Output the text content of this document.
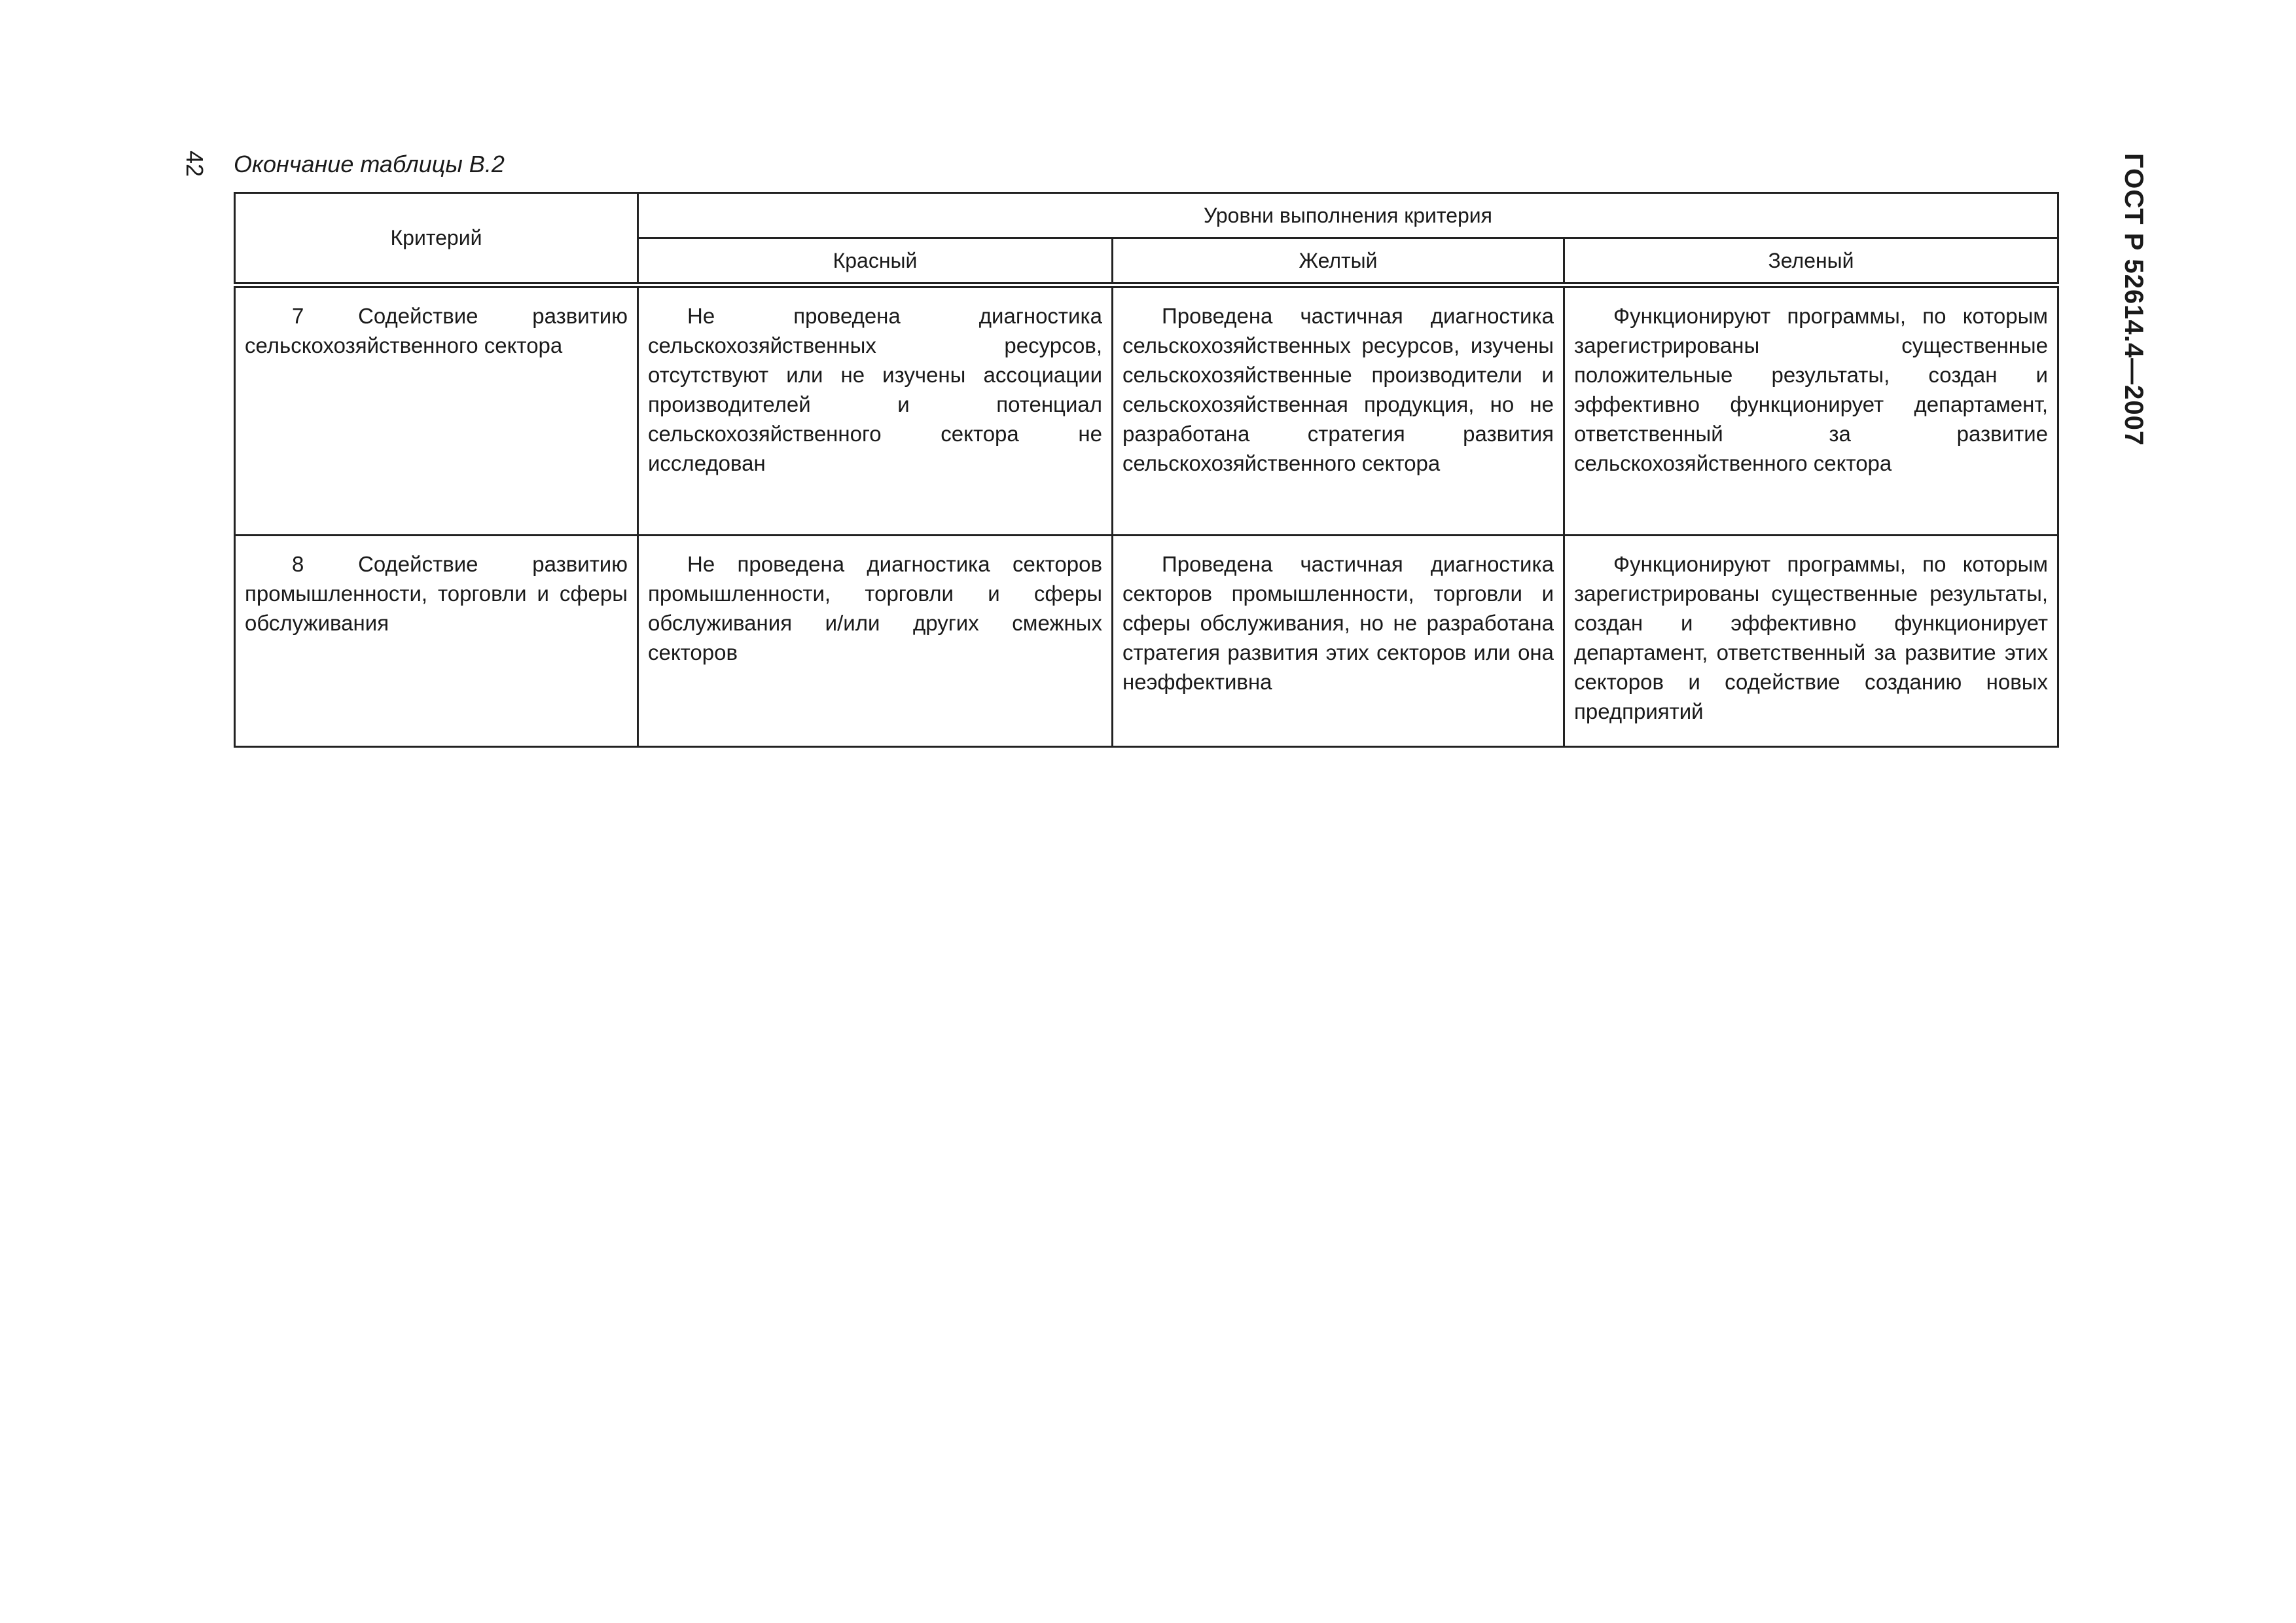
42	ГОСТ Р 52614.4—2007
Окончание таблицы В.2
Критерий	Уровни выполнения критерия		
	Красный	Желтый	Зеленый
7 Содействие развитию сельскохозяйственного сектора	Не проведена диагностика сельскохозяйственных ресурсов, отсутствуют или не изучены ассоциации производителей и потенциал сельскохозяйственного сектора не исследован	Проведена частичная диагностика сельскохозяйственных ресурсов, изучены сельскохозяйственные производители и сельскохозяйственная продукция, но не разработана стратегия развития сельскохозяйственного сектора	Функционируют программы, по которым зарегистрированы существенные положительные результаты, создан и эффективно функционирует департамент, ответственный за развитие сельскохозяйственного сектора
8 Содействие развитию промышленности, торговли и сферы обслуживания	Не проведена диагностика секторов промышленности, торговли и сферы обслуживания и/или других смежных секторов	Проведена частичная диагностика секторов промышленности, торговли и сферы обслуживания, но не разработана стратегия развития этих секторов или она неэффективна	Функционируют программы, по которым зарегистрированы существенные результаты, создан и эффективно функционирует департамент, ответственный за развитие этих секторов и содействие созданию новых предприятий
